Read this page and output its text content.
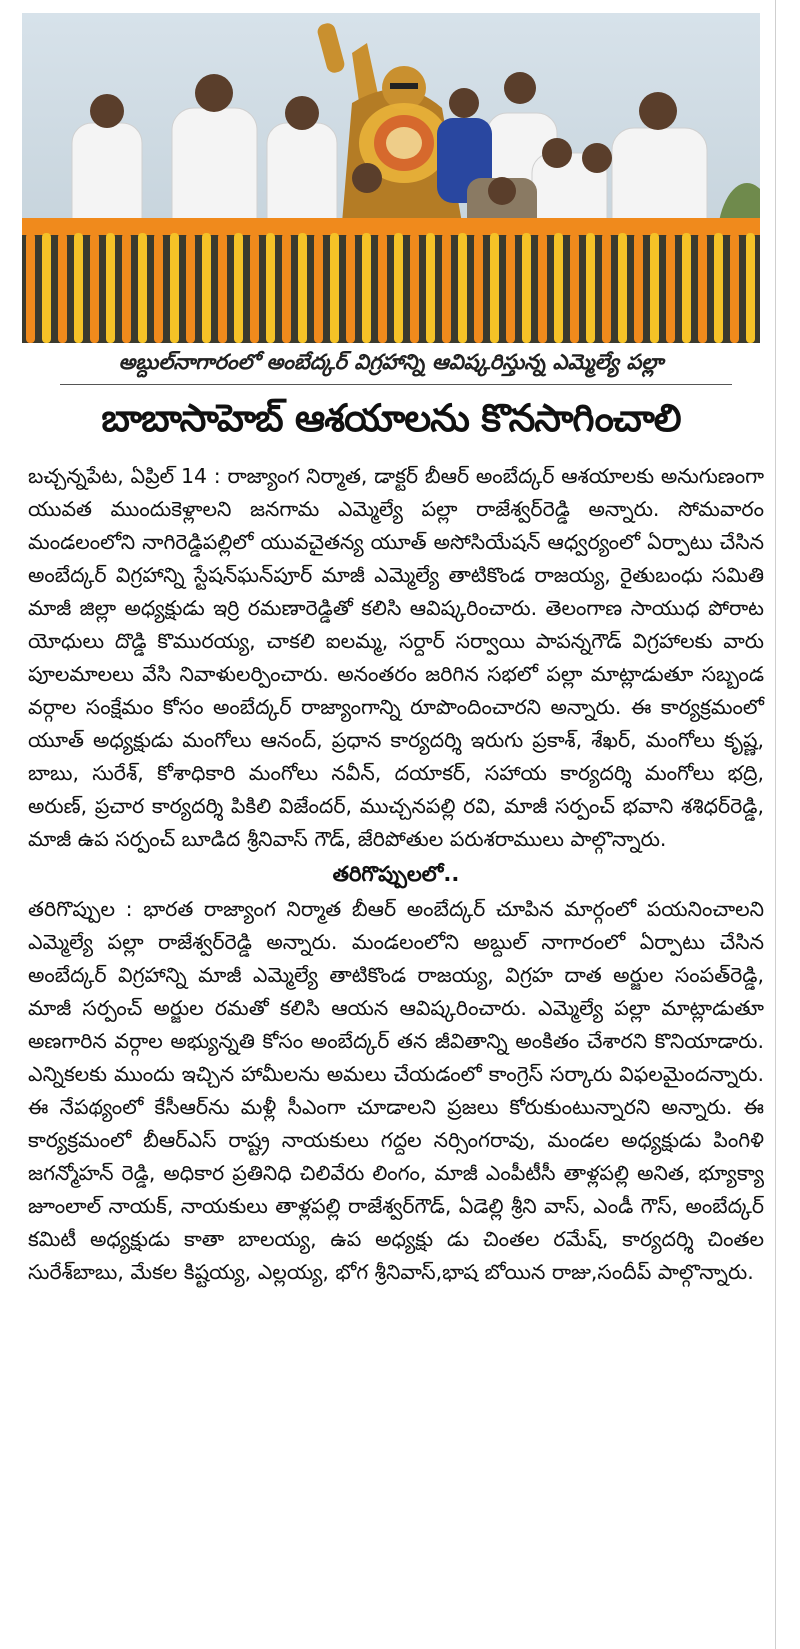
అబ్దుల్‌నాగారంలో అంబేద్కర్‌ విగ్రహాన్ని ఆవిష్కరిస్తున్న ఎమ్మెల్యే పల్లా
బాబాసాహెబ్‌ ఆశయాలను కొనసాగించాలి

బచ్చన్నపేట, ఏప్రిల్‌ 14 : రాజ్యాంగ నిర్మాత, డాక్టర్‌ బీఆర్‌ అంబేద్కర్‌ ఆశయాలకు అనుగుణంగా యువత ముందుకెళ్లాలని జనగామ ఎమ్మెల్యే పల్లా రాజేశ్వర్‌రెడ్డి అన్నారు. సోమవారం మండలంలోని నాగిరెడ్డిపల్లిలో యువచైతన్య యూత్‌ అసోసియేషన్‌ ఆధ్వర్యంలో ఏర్పాటు చేసిన అంబేద్కర్‌ విగ్రహాన్ని స్టేషన్‌ఘన్‌పూర్‌ మాజీ ఎమ్మెల్యే తాటికొండ రాజయ్య, రైతుబంధు సమితి మాజీ జిల్లా అధ్యక్షుడు ఇర్రి రమణారెడ్డితో కలిసి ఆవిష్కరించారు. తెలంగాణ సాయుధ పోరాట యోధులు దొడ్డి కొమురయ్య, చాకలి ఐలమ్మ, సర్దార్‌ సర్వాయి పాపన్నగౌడ్‌ విగ్రహాలకు వారు పూలమాలలు వేసి నివాళులర్పించారు. అనంతరం జరిగిన సభలో పల్లా మాట్లాడుతూ సబ్బండ వర్గాల సంక్షేమం కోసం అంబేద్కర్‌ రాజ్యాంగాన్ని రూపొందించారని అన్నారు. ఈ కార్యక్రమంలో యూత్‌ అధ్యక్షుడు మంగోలు ఆనంద్‌, ప్రధాన కార్యదర్శి ఇరుగు ప్రకాశ్‌, శేఖర్‌, మంగోలు కృష్ణ, బాబు, సురేశ్‌, కోశాధికారి మంగోలు నవీన్‌, దయాకర్‌, సహాయ కార్యదర్శి మంగోలు భద్రి, అరుణ్‌, ప్రచార కార్యదర్శి పికిలి విజేందర్‌, ముచ్చనపల్లి రవి, మాజీ సర్పంచ్‌ భవాని శశిధర్‌రెడ్డి, మాజీ ఉప సర్పంచ్‌ బూడిద శ్రీనివాస్‌ గౌడ్‌, జేరిపోతుల పరుశరాములు పాల్గొన్నారు.

తరిగొప్పులలో..

తరిగొప్పుల : భారత రాజ్యాంగ నిర్మాత బీఆర్‌ అంబేద్కర్‌ చూపిన మార్గంలో పయనించాలని ఎమ్మెల్యే పల్లా రాజేశ్వర్‌రెడ్డి అన్నారు. మండలంలోని అబ్దుల్‌ నాగారంలో ఏర్పాటు చేసిన అంబేద్కర్‌ విగ్రహాన్ని మాజీ ఎమ్మెల్యే తాటికొండ రాజయ్య, విగ్రహ దాత అర్జుల సంపత్‌రెడ్డి, మాజీ సర్పంచ్‌ అర్జుల రమతో కలిసి ఆయన ఆవిష్కరించారు. ఎమ్మెల్యే పల్లా మాట్లాడుతూ అణగారిన వర్గాల అభ్యున్నతి కోసం అంబేద్కర్‌ తన జీవితాన్ని అంకితం చేశారని కొనియాడారు. ఎన్నికలకు ముందు ఇచ్చిన హామీలను అమలు చేయడంలో కాంగ్రెస్‌ సర్కారు విఫలమైందన్నారు. ఈ నేపథ్యంలో కేసీఆర్‌ను మళ్లీ సీఎంగా చూడాలని ప్రజలు కోరుకుంటున్నారని అన్నారు. ఈ కార్యక్రమంలో బీఆర్‌ఎస్‌ రాష్ట్ర నాయకులు గద్దల నర్సింగరావు, మండల అధ్యక్షుడు పింగిళి జగన్మోహన్‌ రెడ్డి, అధికార ప్రతినిధి చిలివేరు లింగం, మాజీ ఎంపీటీసీ తాళ్లపల్లి అనిత, భ్యూక్యా జూంలాల్‌ నాయక్‌, నాయకులు తాళ్లపల్లి రాజేశ్వర్‌గౌడ్‌, ఏడెల్లి శ్రీని వాస్‌, ఎండీ గౌస్‌, అంబేద్కర్‌ కమిటీ అధ్యక్షుడు కాతా బాలయ్య, ఉప అధ్యక్షు డు చింతల రమేష్‌, కార్యదర్శి చింతల సురేశ్‌బాబు, మేకల కిష్టయ్య, ఎల్లయ్య, భోగ శ్రీనివాస్‌,భాష బోయిన రాజు,సందీప్‌ పాల్గొన్నారు.
